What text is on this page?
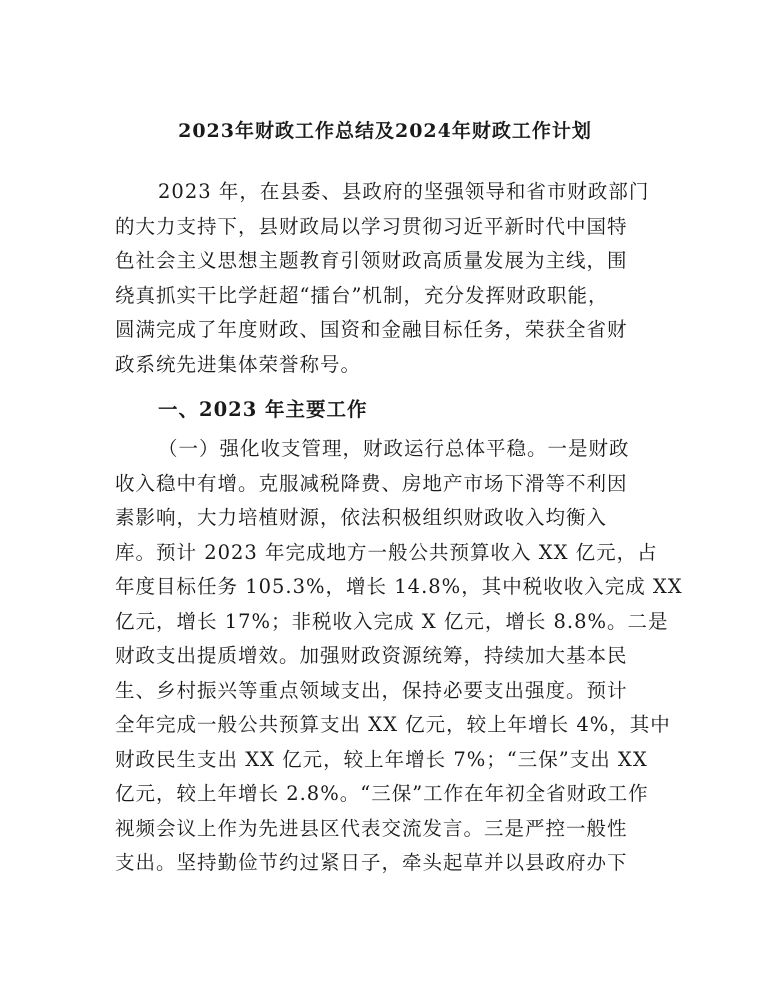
2023年财政工作总结及2024年财政工作计划
2023 年，在县委、县政府的坚强领导和省市财政部门
的大力支持下，县财政局以学习贯彻习近平新时代中国特
色社会主义思想主题教育引领财政高质量发展为主线，围
绕真抓实干比学赶超“擂台”机制，充分发挥财政职能，
圆满完成了年度财政、国资和金融目标任务，荣获全省财
政系统先进集体荣誉称号。
一、2023 年主要工作
（一）强化收支管理，财政运行总体平稳。一是财政
收入稳中有增。克服减税降费、房地产市场下滑等不利因
素影响，大力培植财源，依法积极组织财政收入均衡入
库。预计 2023 年完成地方一般公共预算收入 XX 亿元，占
年度目标任务 105.3%，增长 14.8%，其中税收收入完成 XX
亿元，增长 17%；非税收入完成 X 亿元，增长 8.8%。二是
财政支出提质增效。加强财政资源统筹，持续加大基本民
生、乡村振兴等重点领域支出，保持必要支出强度。预计
全年完成一般公共预算支出 XX 亿元，较上年增长 4%，其中
财政民生支出 XX 亿元，较上年增长 7%；“三保”支出 XX
亿元，较上年增长 2.8%。“三保”工作在年初全省财政工作
视频会议上作为先进县区代表交流发言。三是严控一般性
支出。坚持勤俭节约过紧日子，牵头起草并以县政府办下
